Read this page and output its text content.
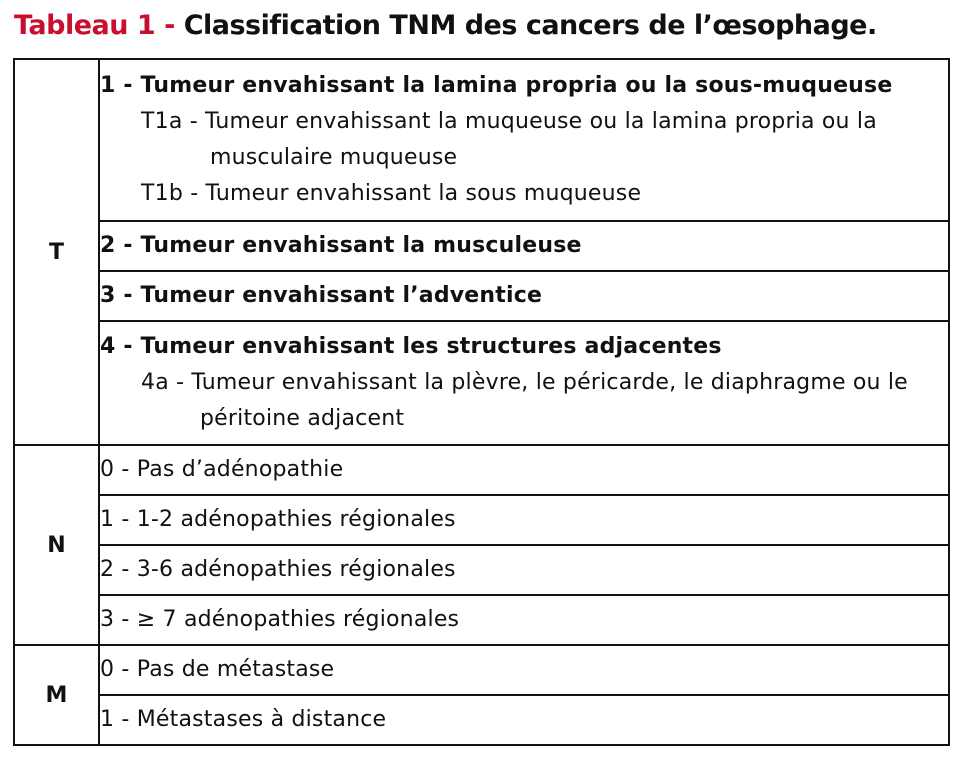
Tableau 1 - Classification TNM des cancers de l’œsophage.
T	1 - Tumeur envahissant la lamina propria ou la sous-muqueuse
T1a - Tumeur envahissant la muqueuse ou la lamina propria ou la musculaire muqueuse
T1b - Tumeur envahissant la sous muqueuse

	2 - Tumeur envahissant la musculeuse

	3 - Tumeur envahissant l’adventice

	4 - Tumeur envahissant les structures adjacentes
4a - Tumeur envahissant la plèvre, le péricarde, le diaphragme ou le péritoine adjacent

N	0 - Pas d’adénopathie

	1 - 1-2 adénopathies régionales

	2 - 3-6 adénopathies régionales

	3 - ≥ 7 adénopathies régionales

M	0 - Pas de métastase

	1 - Métastases à distance
